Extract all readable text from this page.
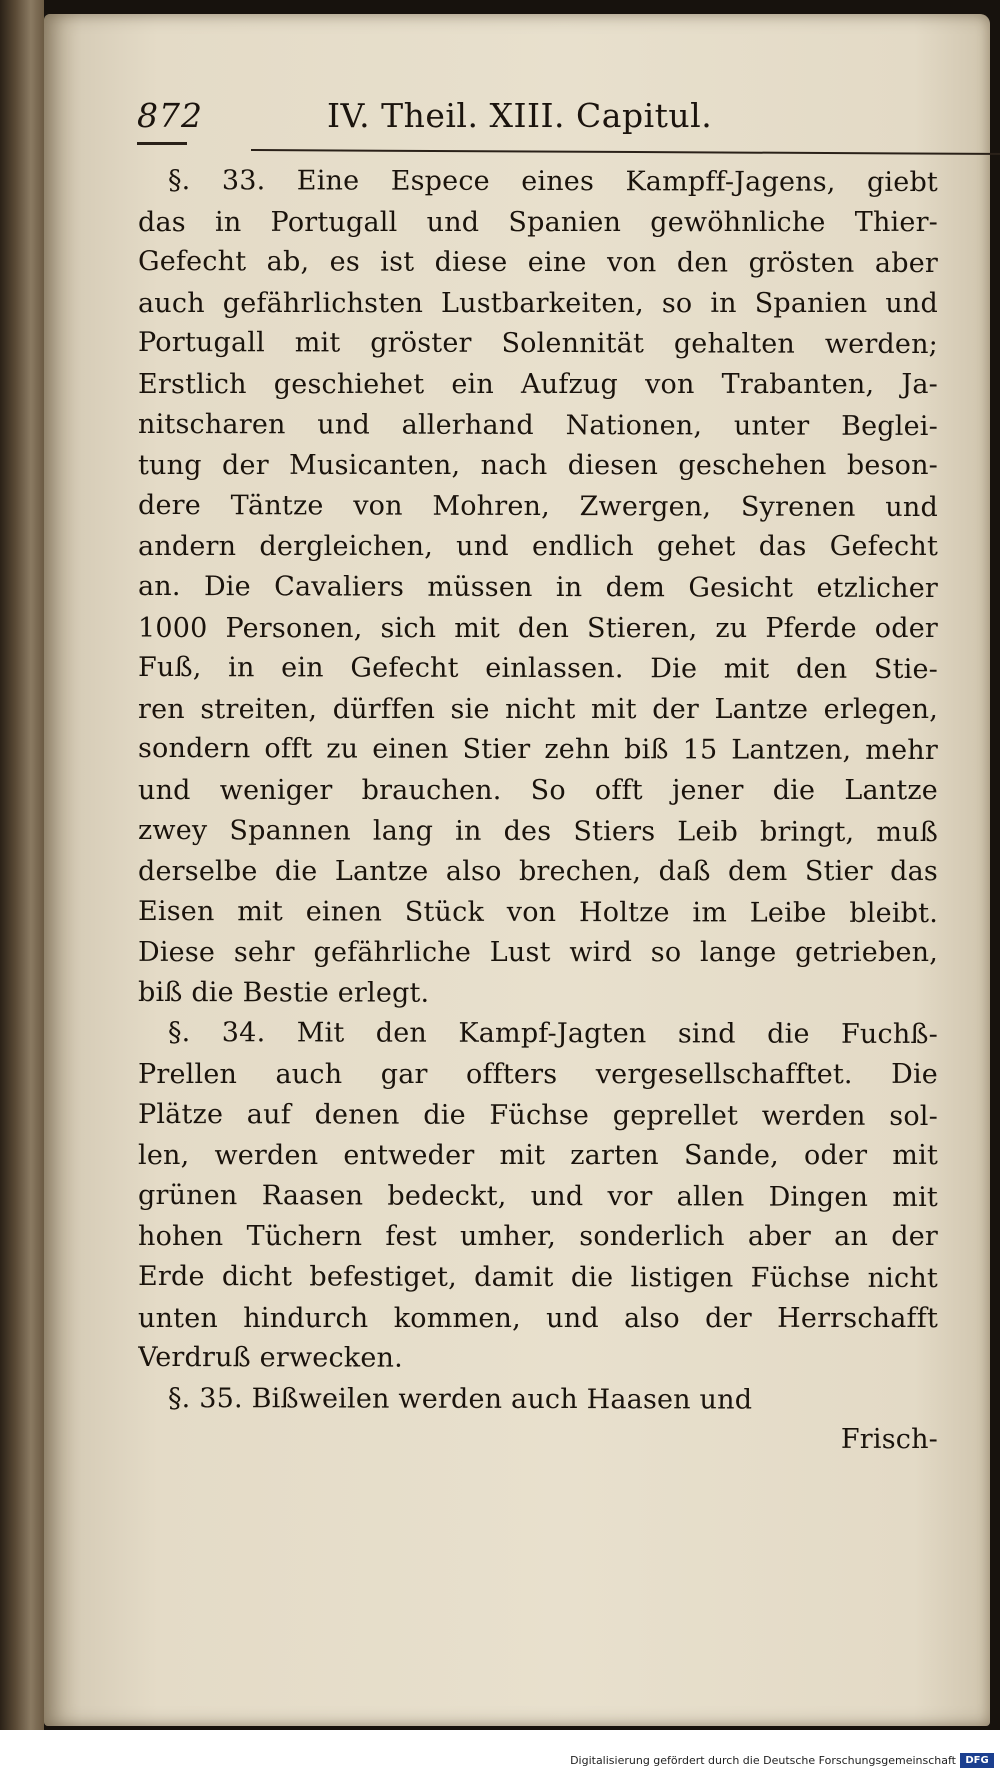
872	IV. Theil. XIII. Capitul.
§. 33. Eine Espece eines Kampff-Jagens, giebt
das in Portugall und Spanien gewöhnliche Thier-
Gefecht ab, es ist diese eine von den grösten aber
auch gefährlichsten Lustbarkeiten, so in Spanien und
Portugall mit gröster Solennität gehalten werden;
Erstlich geschiehet ein Aufzug von Trabanten, Ja-
nitscharen und allerhand Nationen, unter Beglei-
tung der Musicanten, nach diesen geschehen beson-
dere Täntze von Mohren, Zwergen, Syrenen und
andern dergleichen, und endlich gehet das Gefecht
an. Die Cavaliers müssen in dem Gesicht etzlicher
1000 Personen, sich mit den Stieren, zu Pferde oder
Fuß, in ein Gefecht einlassen. Die mit den Stie-
ren streiten, dürffen sie nicht mit der Lantze erlegen,
sondern offt zu einen Stier zehn biß 15 Lantzen, mehr
und weniger brauchen. So offt jener die Lantze
zwey Spannen lang in des Stiers Leib bringt, muß
derselbe die Lantze also brechen, daß dem Stier das
Eisen mit einen Stück von Holtze im Leibe bleibt.
Diese sehr gefährliche Lust wird so lange getrieben,
biß die Bestie erlegt.
§. 34. Mit den Kampf-Jagten sind die Fuchß-
Prellen auch gar offters vergesellschafftet. Die
Plätze auf denen die Füchse geprellet werden sol-
len, werden entweder mit zarten Sande, oder mit
grünen Raasen bedeckt, und vor allen Dingen mit
hohen Tüchern fest umher, sonderlich aber an der
Erde dicht befestiget, damit die listigen Füchse nicht
unten hindurch kommen, und also der Herrschafft
Verdruß erwecken.
§. 35. Bißweilen werden auch Haasen und
Frisch-
Digitalisierung gefördert durch die Deutsche Forschungsgemeinschaft DFG
